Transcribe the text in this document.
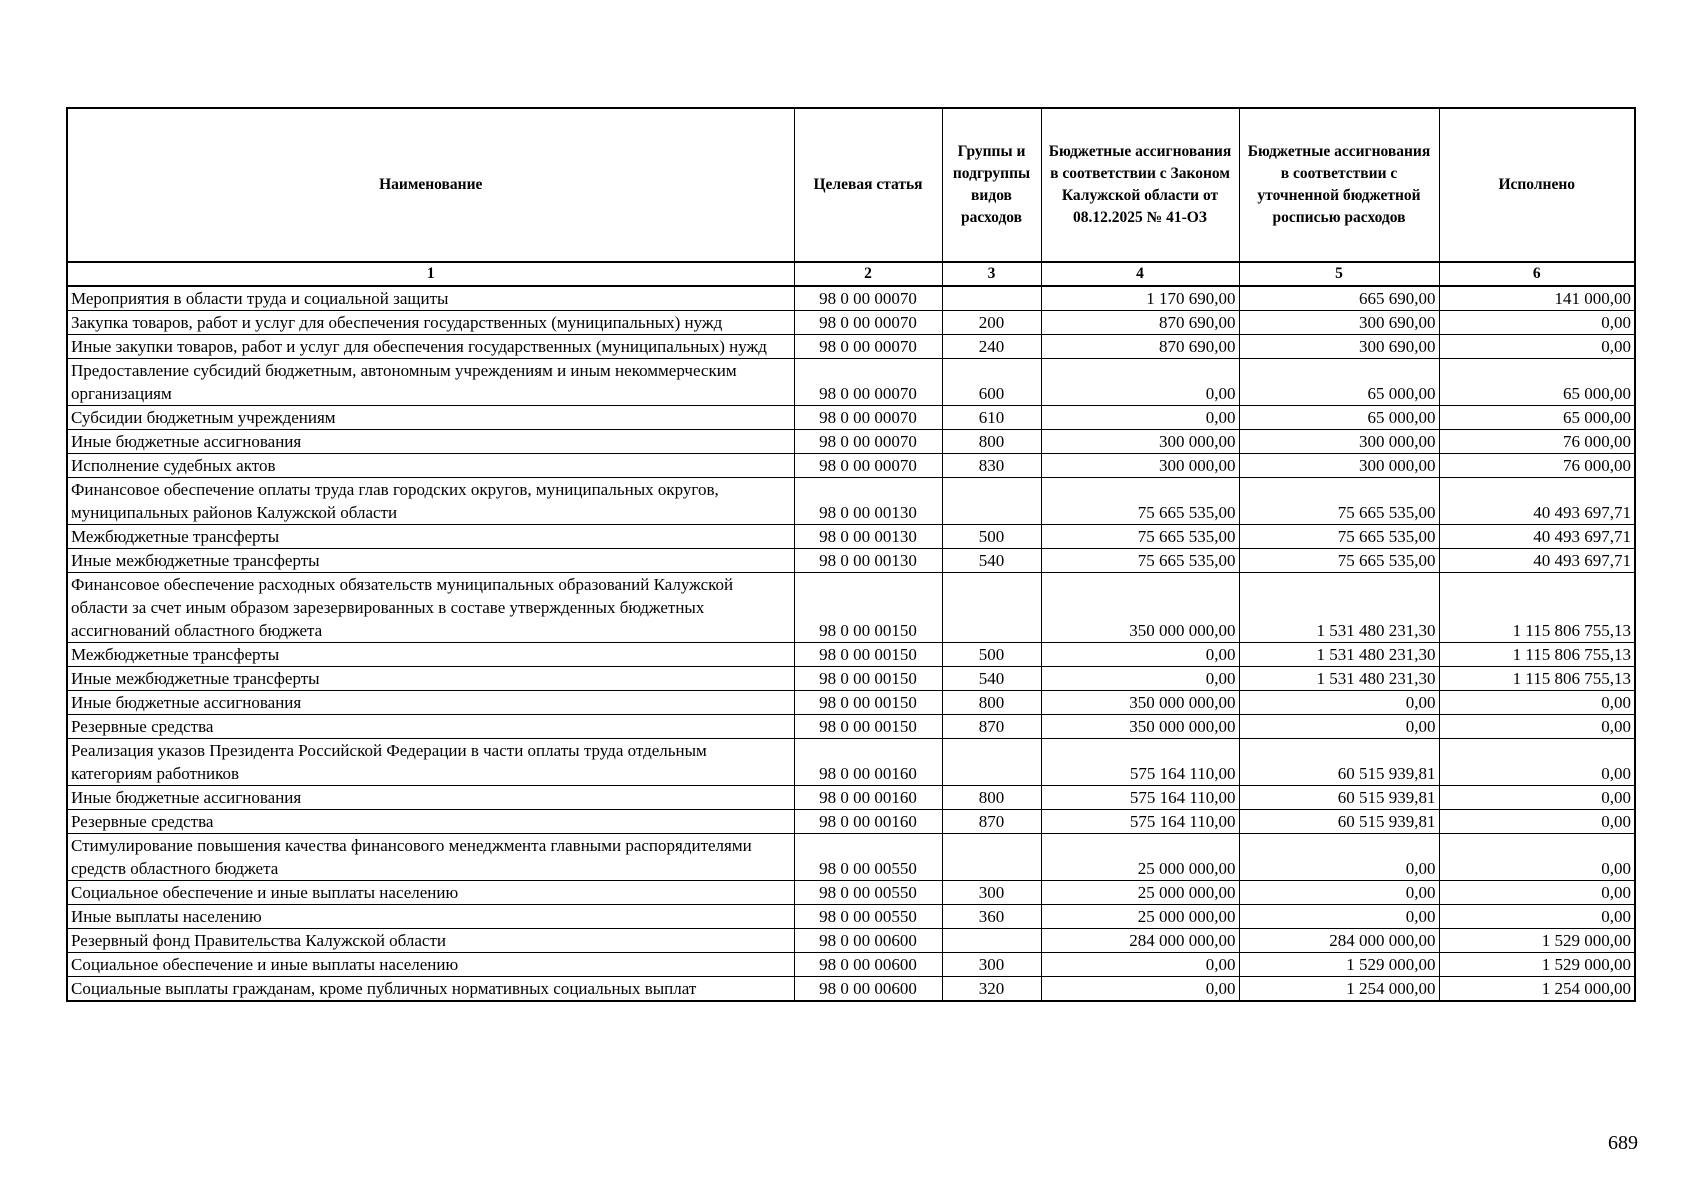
Наименование	Целевая статья	Группы и подгруппы видов расходов	Бюджетные ассигнования в соответствии с Законом Калужской области от 08.12.2025 № 41-ОЗ	Бюджетные ассигнования в соответствии с уточненной бюджетной росписью расходов	Исполнено
1	2	3	4	5	6
Мероприятия в области труда и социальной защиты	98 0 00 00070		1 170 690,00	665 690,00	141 000,00
Закупка товаров, работ и услуг для обеспечения государственных (муниципальных) нужд	98 0 00 00070	200	870 690,00	300 690,00	0,00
Иные закупки товаров, работ и услуг для обеспечения государственных (муниципальных) нужд	98 0 00 00070	240	870 690,00	300 690,00	0,00
Предоставление субсидий бюджетным, автономным учреждениям и иным некоммерческим организациям	98 0 00 00070	600	0,00	65 000,00	65 000,00
Субсидии бюджетным учреждениям	98 0 00 00070	610	0,00	65 000,00	65 000,00
Иные бюджетные ассигнования	98 0 00 00070	800	300 000,00	300 000,00	76 000,00
Исполнение судебных актов	98 0 00 00070	830	300 000,00	300 000,00	76 000,00
Финансовое обеспечение оплаты труда глав городских округов, муниципальных округов, муниципальных районов Калужской области	98 0 00 00130		75 665 535,00	75 665 535,00	40 493 697,71
Межбюджетные трансферты	98 0 00 00130	500	75 665 535,00	75 665 535,00	40 493 697,71
Иные межбюджетные трансферты	98 0 00 00130	540	75 665 535,00	75 665 535,00	40 493 697,71
Финансовое обеспечение расходных обязательств муниципальных образований Калужской области за счет иным образом зарезервированных в составе утвержденных бюджетных ассигнований областного бюджета	98 0 00 00150		350 000 000,00	1 531 480 231,30	1 115 806 755,13
Межбюджетные трансферты	98 0 00 00150	500	0,00	1 531 480 231,30	1 115 806 755,13
Иные межбюджетные трансферты	98 0 00 00150	540	0,00	1 531 480 231,30	1 115 806 755,13
Иные бюджетные ассигнования	98 0 00 00150	800	350 000 000,00	0,00	0,00
Резервные средства	98 0 00 00150	870	350 000 000,00	0,00	0,00
Реализация указов Президента Российской Федерации в части оплаты труда отдельным категориям работников	98 0 00 00160		575 164 110,00	60 515 939,81	0,00
Иные бюджетные ассигнования	98 0 00 00160	800	575 164 110,00	60 515 939,81	0,00
Резервные средства	98 0 00 00160	870	575 164 110,00	60 515 939,81	0,00
Стимулирование повышения качества финансового менеджмента главными распорядителями средств областного бюджета	98 0 00 00550		25 000 000,00	0,00	0,00
Социальное обеспечение и иные выплаты населению	98 0 00 00550	300	25 000 000,00	0,00	0,00
Иные выплаты населению	98 0 00 00550	360	25 000 000,00	0,00	0,00
Резервный фонд Правительства Калужской области	98 0 00 00600		284 000 000,00	284 000 000,00	1 529 000,00
Социальное обеспечение и иные выплаты населению	98 0 00 00600	300	0,00	1 529 000,00	1 529 000,00
Социальные выплаты гражданам, кроме публичных нормативных социальных выплат	98 0 00 00600	320	0,00	1 254 000,00	1 254 000,00
689
